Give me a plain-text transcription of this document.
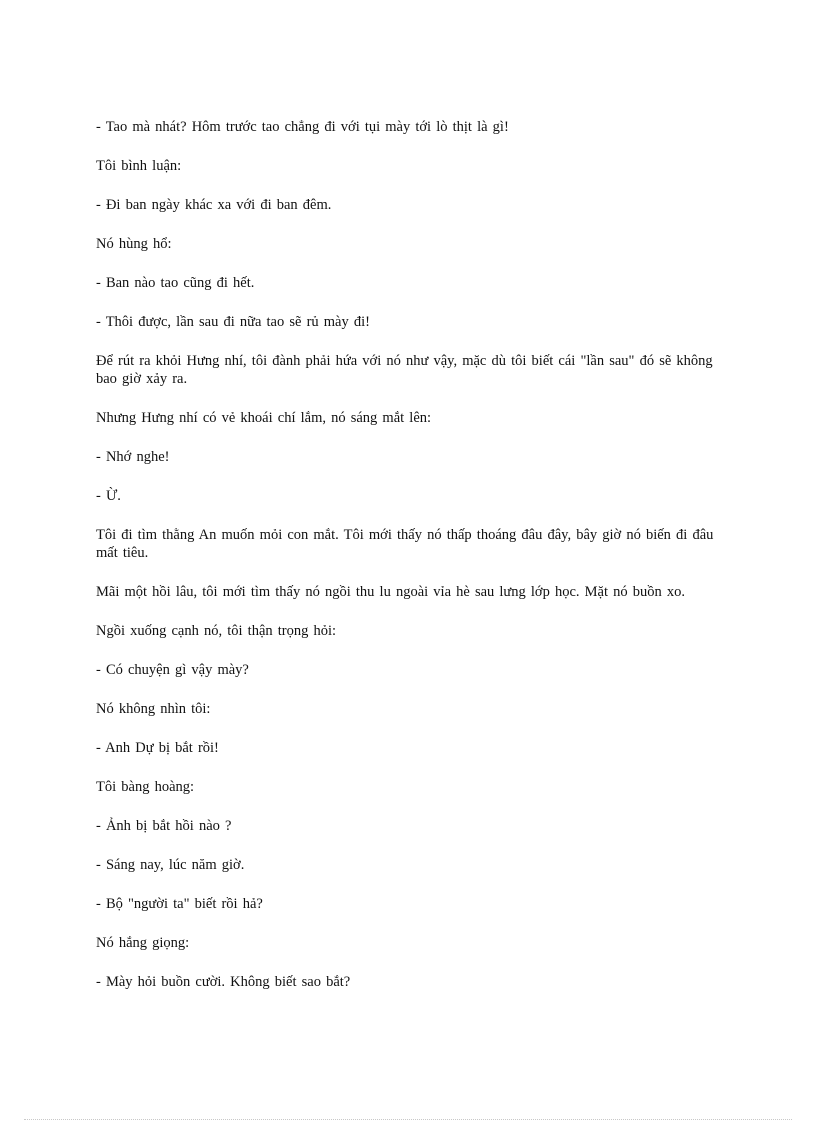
- Tao mà nhát? Hôm trước tao chẳng đi với tụi mày tới lò thịt là gì!

Tôi bình luận:

- Đi ban ngày khác xa với đi ban đêm.

Nó hùng hổ:

- Ban nào tao cũng đi hết.

- Thôi được, lần sau đi nữa tao sẽ rủ mày đi!

Để rút ra khỏi Hưng nhí, tôi đành phải hứa với nó như vậy, mặc dù tôi biết cái "lần sau" đó sẽ không bao giờ xảy ra.

Nhưng Hưng nhí có vẻ khoái chí lắm, nó sáng mắt lên:

- Nhớ nghe!

- Ừ.

Tôi đi tìm thằng An muốn mỏi con mắt. Tôi mới thấy nó thấp thoáng đâu đây, bây giờ nó biến đi đâu mất tiêu.

Mãi một hồi lâu, tôi mới tìm thấy nó ngồi thu lu ngoài vỉa hè sau lưng lớp học. Mặt nó buồn xo.

Ngồi xuống cạnh nó, tôi thận trọng hỏi:

- Có chuyện gì vậy mày?

Nó không nhìn tôi:

- Anh Dự bị bắt rồi!

Tôi bàng hoàng:

- Ảnh bị bắt hồi nào ?

- Sáng nay, lúc năm giờ.

- Bộ "người ta" biết rồi hả?

Nó hắng giọng:

- Mày hỏi buồn cười. Không biết sao bắt?
